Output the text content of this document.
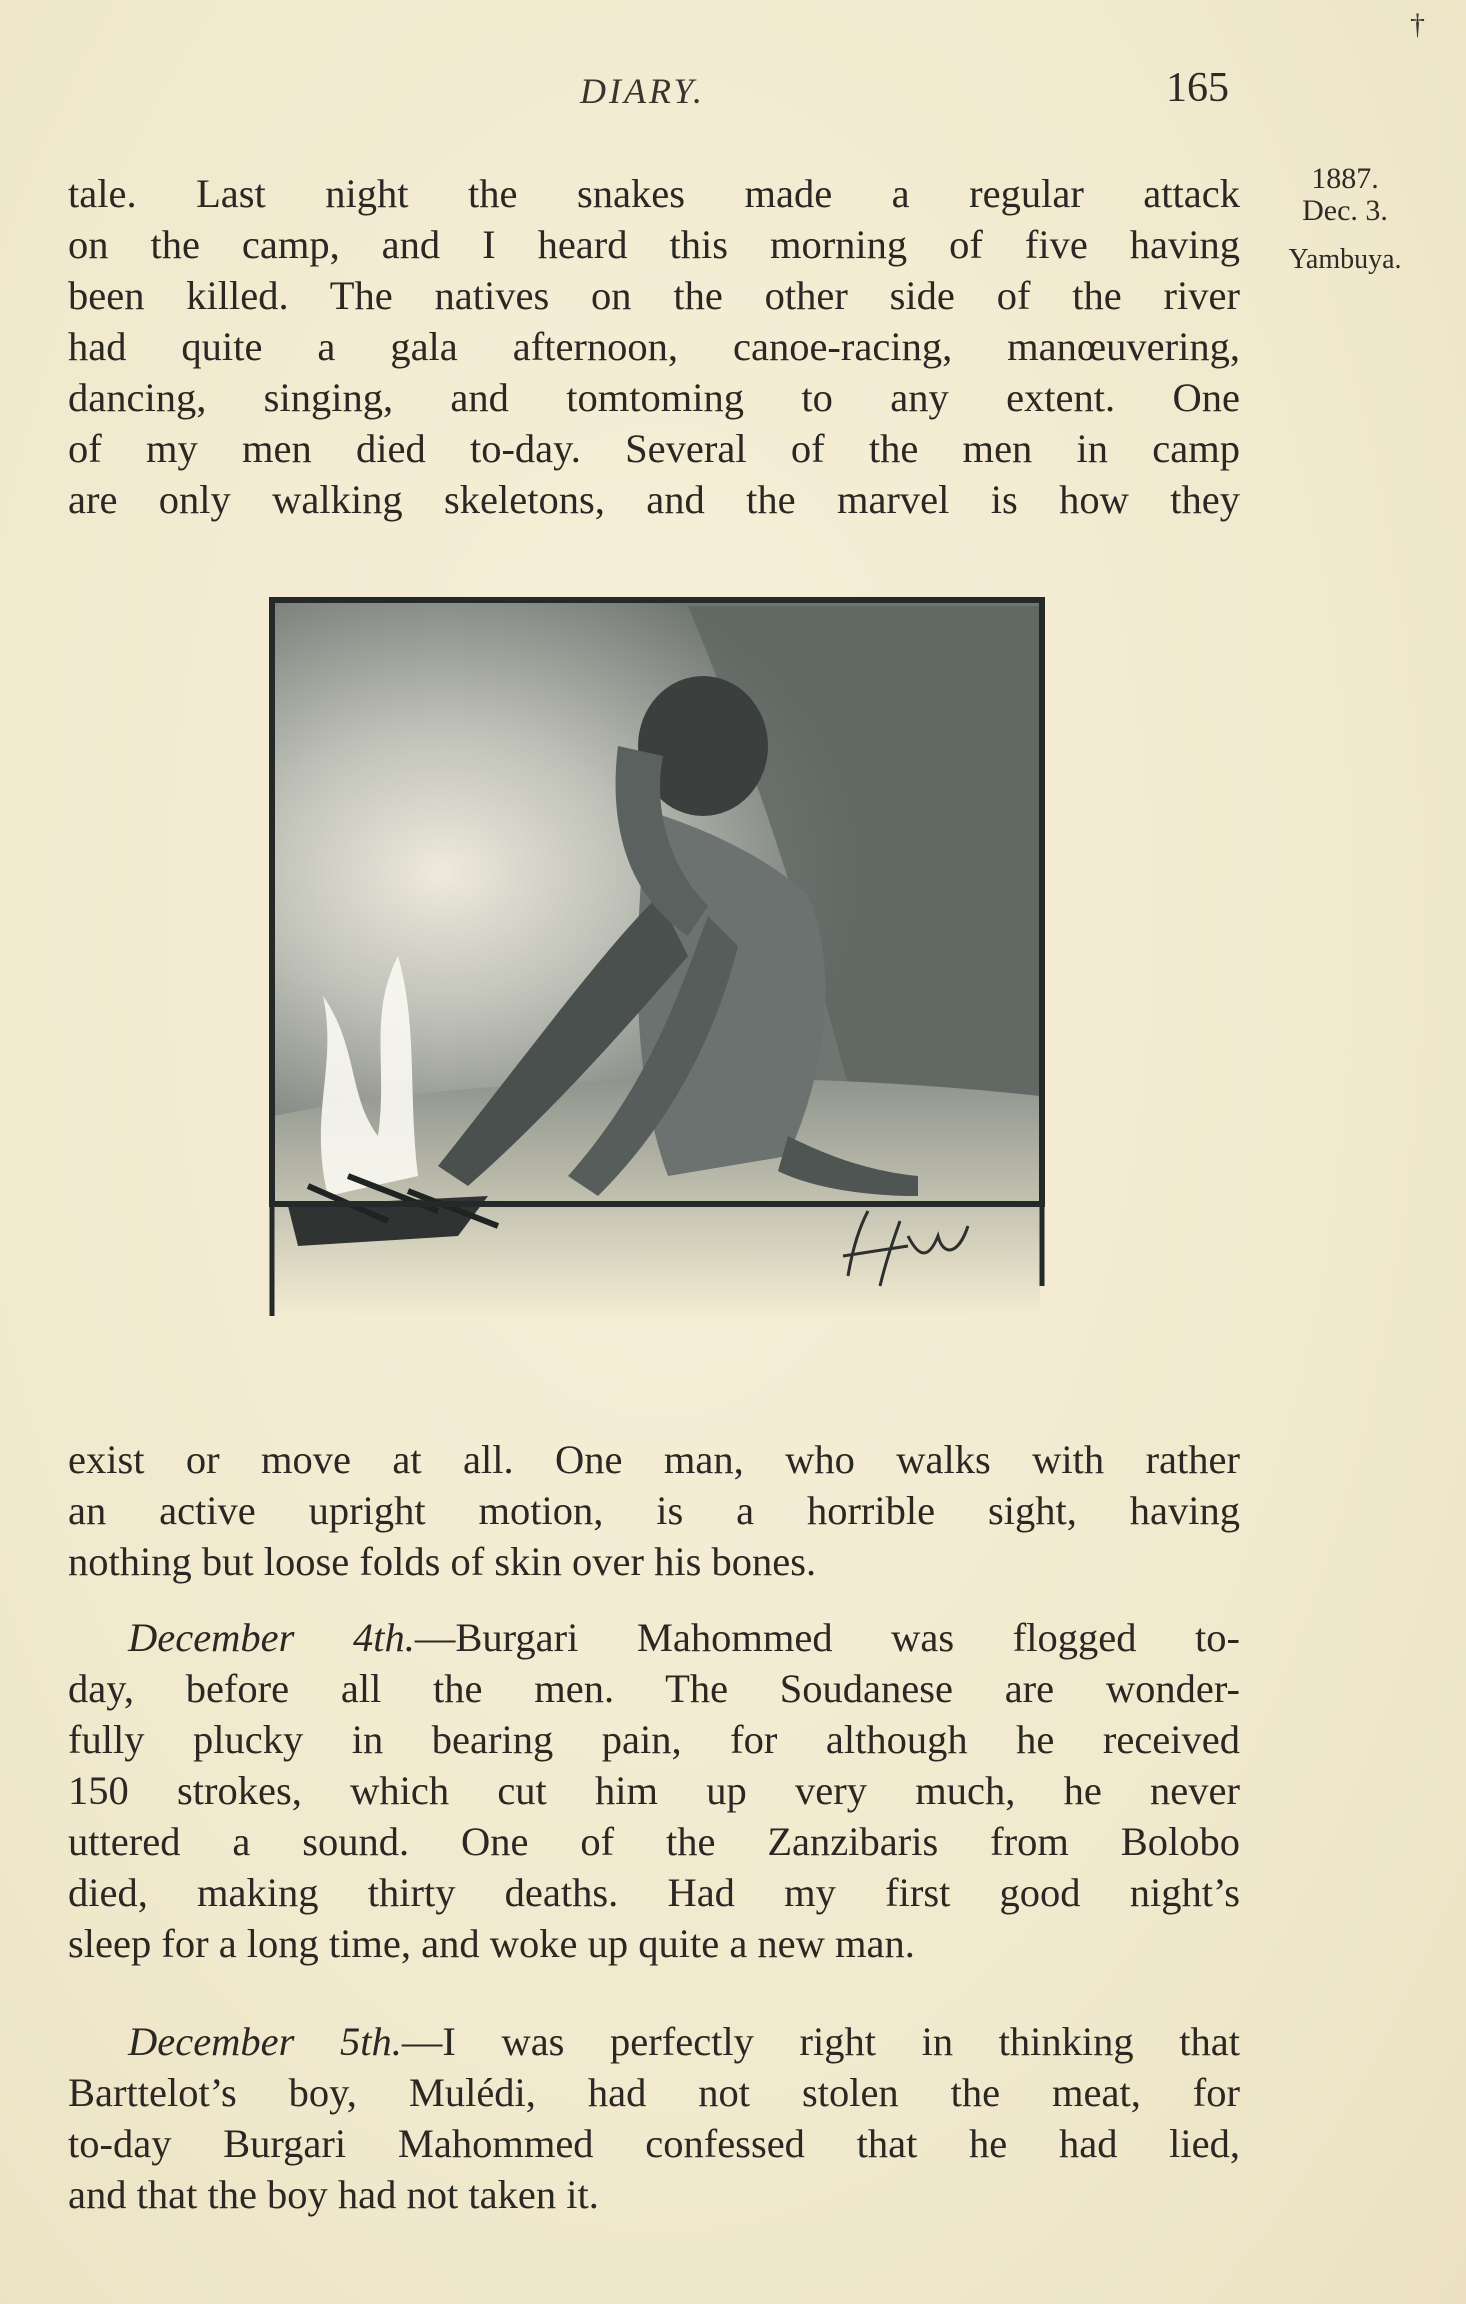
†
DIARY.	165
1887.
Dec. 3.
Yambuya.
tale. Last night the snakes made a regular attack
on the camp, and I heard this morning of five having
been killed. The natives on the other side of the river
had quite a gala afternoon, canoe-racing, manœuvering,
dancing, singing, and tomtoming to any extent. One
of my men died to-day. Several of the men in camp
are only walking skeletons, and the marvel is how they
exist or move at all. One man, who walks with rather
an active upright motion, is a horrible sight, having
nothing but loose folds of skin over his bones.
December 4th.—Burgari Mahommed was flogged to-
day, before all the men. The Soudanese are wonder-
fully plucky in bearing pain, for although he received
150 strokes, which cut him up very much, he never
uttered a sound. One of the Zanzibaris from Bolobo
died, making thirty deaths. Had my first good night’s
sleep for a long time, and woke up quite a new man.
December 5th.—I was perfectly right in thinking that
Barttelot’s boy, Mulédi, had not stolen the meat, for
to-day Burgari Mahommed confessed that he had lied,
and that the boy had not taken it.
